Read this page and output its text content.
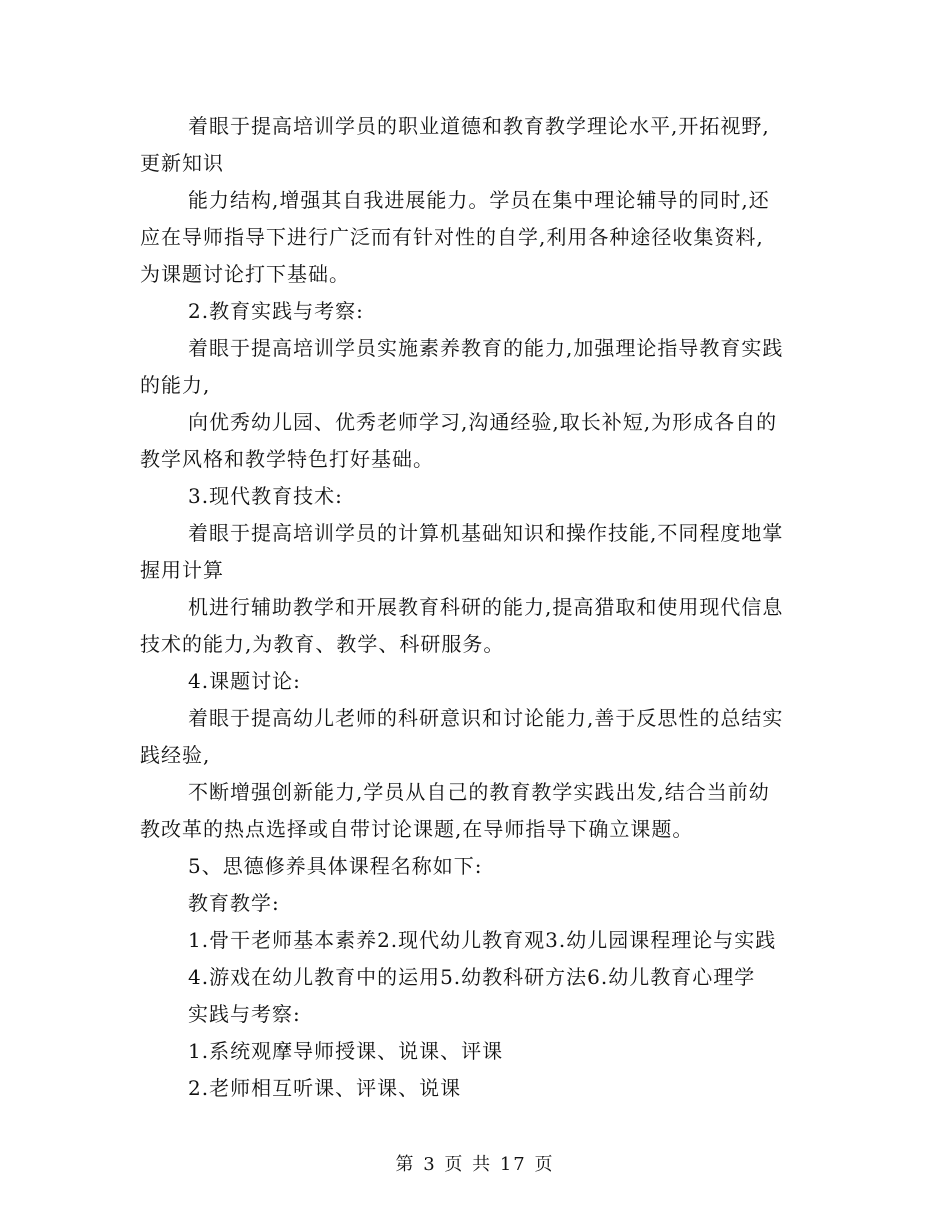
着眼于提高培训学员的职业道德和教育教学理论水平,开拓视野,
更新知识
能力结构,增强其自我进展能力。学员在集中理论辅导的同时,还
应在导师指导下进行广泛而有针对性的自学,利用各种途径收集资料,
为课题讨论打下基础。
2.教育实践与考察:
着眼于提高培训学员实施素养教育的能力,加强理论指导教育实践
的能力,
向优秀幼儿园、优秀老师学习,沟通经验,取长补短,为形成各自的
教学风格和教学特色打好基础。
3.现代教育技术:
着眼于提高培训学员的计算机基础知识和操作技能,不同程度地掌
握用计算
机进行辅助教学和开展教育科研的能力,提高猎取和使用现代信息
技术的能力,为教育、教学、科研服务。
4.课题讨论:
着眼于提高幼儿老师的科研意识和讨论能力,善于反思性的总结实
践经验,
不断增强创新能力,学员从自己的教育教学实践出发,结合当前幼
教改革的热点选择或自带讨论课题,在导师指导下确立课题。
5、思德修养具体课程名称如下:
教育教学:
1.骨干老师基本素养2.现代幼儿教育观3.幼儿园课程理论与实践
4.游戏在幼儿教育中的运用5.幼教科研方法6.幼儿教育心理学
实践与考察:
1.系统观摩导师授课、说课、评课
2.老师相互听课、评课、说课
第 3 页 共 17 页
